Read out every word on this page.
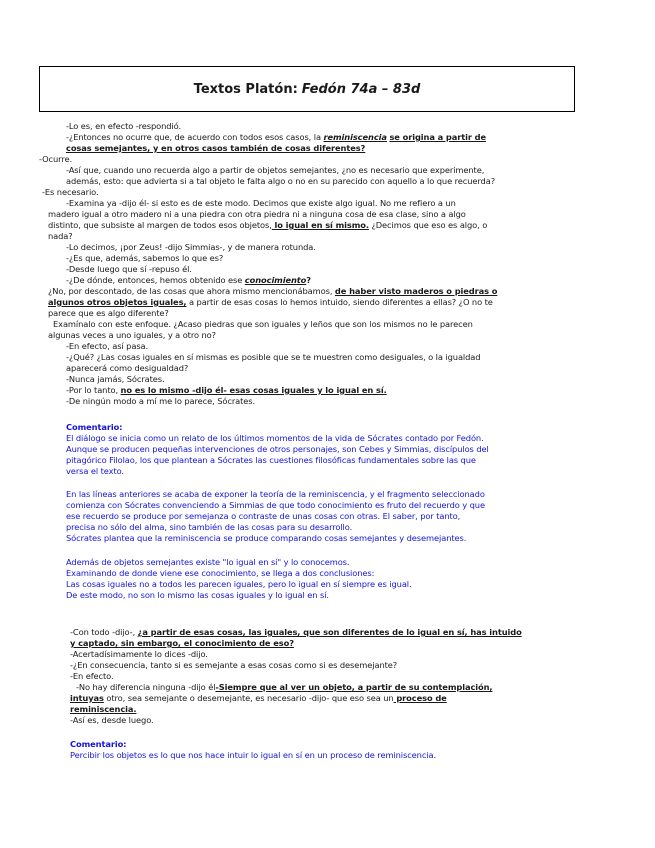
Textos Platón: Fedón 74a – 83d
-Lo es, en efecto -respondió.
-¿Entonces no ocurre que, de acuerdo con todos esos casos, la reminiscencia se origina a partir de
cosas semejantes, y en otros casos también de cosas diferentes?
-Ocurre.
-Así que, cuando uno recuerda algo a partir de objetos semejantes, ¿no es necesario que experimente,
además, esto: que advierta si a tal objeto le falta algo o no en su parecido con aquello a lo que recuerda?
-Es necesario.
-Examina ya -dijo él- si esto es de este modo. Decimos que existe algo igual. No me refiero a un
madero igual a otro madero ni a una piedra con otra piedra ni a ninguna cosa de esa clase, sino a algo
distinto, que subsiste al margen de todos esos objetos, lo igual en sí mismo. ¿Decimos que eso es algo, o
nada?
-Lo decimos, ¡por Zeus! -dijo Simmias-, y de manera rotunda.
-¿Es que, además, sabemos lo que es?
-Desde luego que sí -repuso él.
-¿De dónde, entonces, hemos obtenido ese conocimiento?
¿No, por descontado, de las cosas que ahora mismo mencionábamos, de haber visto maderos o piedras o
algunos otros objetos iguales, a partir de esas cosas lo hemos intuido, siendo diferentes a ellas? ¿O no te
parece que es algo diferente?
Examínalo con este enfoque. ¿Acaso piedras que son iguales y leños que son los mismos no le parecen
algunas veces a uno iguales, y a otro no?
-En efecto, así pasa.
-¿Qué? ¿Las cosas iguales en sí mismas es posible que se te muestren como desiguales, o la igualdad
aparecerá como desigualdad?
-Nunca jamás, Sócrates.
-Por lo tanto, no es lo mismo -dijo él- esas cosas iguales y lo igual en sí.
-De ningún modo a mí me lo parece, Sócrates.
Comentario:
El diálogo se inicia como un relato de los últimos momentos de la vida de Sócrates contado por Fedón.
Aunque se producen pequeñas intervenciones de otros personajes, son Cebes y Simmias, discípulos del
pitagórico Filolao, los que plantean a Sócrates las cuestiones filosóficas fundamentales sobre las que
versa el texto.
En las líneas anteriores se acaba de exponer la teoría de la reminiscencia, y el fragmento seleccionado
comienza con Sócrates convenciendo a Simmias de que todo conocimiento es fruto del recuerdo y que
ese recuerdo se produce por semejanza o contraste de unas cosas con otras. El saber, por tanto,
precisa no sólo del alma, sino también de las cosas para su desarrollo.
Sócrates plantea que la reminiscencia se produce comparando cosas semejantes y desemejantes.
Además de objetos semejantes existe "lo igual en sí" y lo conocemos.
Examinando de donde viene ese conocimiento, se llega a dos conclusiones:
Las cosas iguales no a todos les parecen iguales, pero lo igual en sí siempre es igual.
De este modo, no son lo mismo las cosas iguales y lo igual en sí.
-Con todo -dijo-, ¿a partir de esas cosas, las iguales, que son diferentes de lo igual en sí, has intuido
y captado, sin embargo, el conocimiento de eso?
-Acertadísimamente lo dices -dijo.
-¿En consecuencia, tanto si es semejante a esas cosas como si es desemejante?
-En efecto.
-No hay diferencia ninguna -dijo él-Siempre que al ver un objeto, a partir de su contemplación,
intuyas otro, sea semejante o desemejante, es necesario -dijo- que eso sea un proceso de
reminiscencia.
-Así es, desde luego.
Comentario:
Percibir los objetos es lo que nos hace intuir lo igual en sí en un proceso de reminiscencia.
